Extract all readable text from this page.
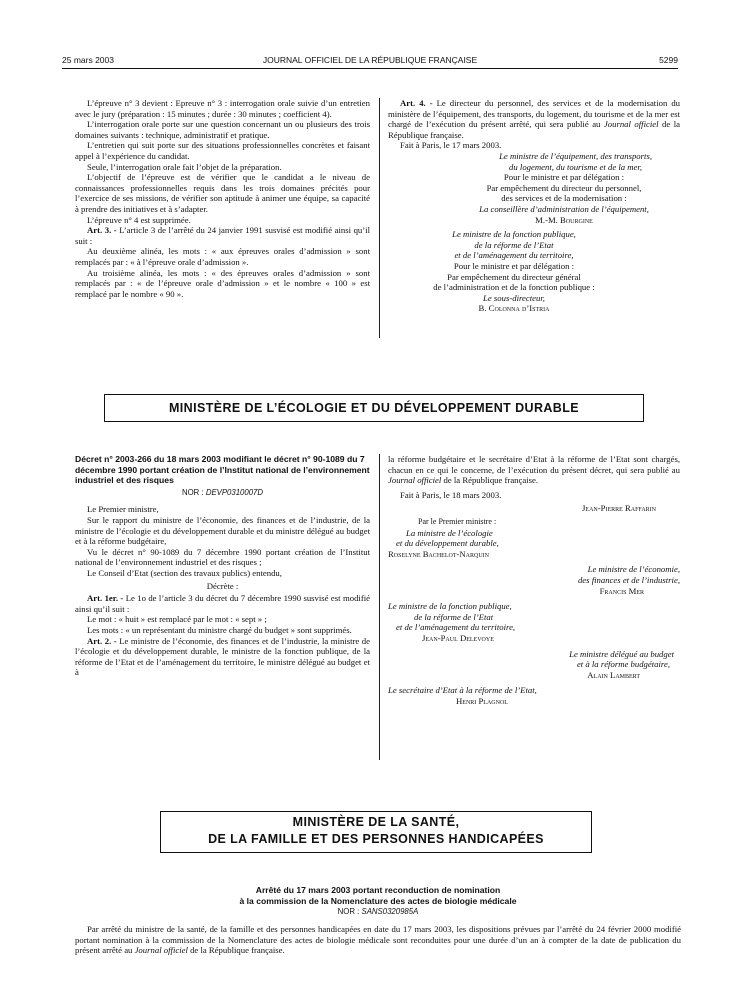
25 mars 2003	JOURNAL OFFICIEL DE LA RÉPUBLIQUE FRANÇAISE	5299

L’épreuve n° 3 devient : Epreuve n° 3 : interrogation orale suivie d’un entretien avec le jury (préparation : 15 minutes ; durée : 30 minutes ; coefficient 4).

L’interrogation orale porte sur une question concernant un ou plusieurs des trois domaines suivants : technique, administratif et pratique.

L’entretien qui suit porte sur des situations professionnelles concrètes et faisant appel à l’expérience du candidat.

Seule, l’interrogation orale fait l’objet de la préparation.

L’objectif de l’épreuve est de vérifier que le candidat a le niveau de connaissances professionnelles requis dans les trois domaines précités pour l’exercice de ses missions, de vérifier son aptitude à animer une équipe, sa capacité à prendre des initiatives et à s’adapter.

L’épreuve n° 4 est supprimée.

Art. 3. - L’article 3 de l’arrêté du 24 janvier 1991 susvisé est modifié ainsi qu’il suit :

Au deuxième alinéa, les mots : « aux épreuves orales d’admission » sont remplacés par : « à l’épreuve orale d’admission ».

Au troisième alinéa, les mots : « des épreuves orales d’admission » sont remplacés par : « de l’épreuve orale d’admission » et le nombre « 100 » est remplacé par le nombre « 90 ».

Art. 4. - Le directeur du personnel, des services et de la modernisation du ministère de l’équipement, des transports, du logement, du tourisme et de la mer est chargé de l’exécution du présent arrêté, qui sera publié au Journal officiel de la République française.

Fait à Paris, le 17 mars 2003.

Le ministre de l’équipement, des transports,

du logement, du tourisme et de la mer,

Pour le ministre et par délégation :

Par empêchement du directeur du personnel,

des services et de la modernisation :

La conseillère d’administration de l’équipement,

M.-M. Bourgine

Le ministre de la fonction publique,

de la réforme de l’Etat

et de l’aménagement du territoire,

Pour le ministre et par délégation :

Par empêchement du directeur général

de l’administration et de la fonction publique :

Le sous-directeur,

B. Colonna d’Istria

MINISTÈRE DE L’ÉCOLOGIE ET DU DÉVELOPPEMENT DURABLE

Décret n° 2003-266 du 18 mars 2003 modifiant le décret n° 90-1089 du 7 décembre 1990 portant création de l’Institut national de l’environnement industriel et des risques

NOR : DEVP0310007D

Le Premier ministre,

Sur le rapport du ministre de l’économie, des finances et de l’industrie, de la ministre de l’écologie et du développement durable et du ministre délégué au budget et à la réforme budgétaire,

Vu le décret n° 90-1089 du 7 décembre 1990 portant création de l’Institut national de l’environnement industriel et des risques ;

Le Conseil d’Etat (section des travaux publics) entendu,

Décrète :

Art. 1er. - Le 1o de l’article 3 du décret du 7 décembre 1990 susvisé est modifié ainsi qu’il suit :

Le mot : « huit » est remplacé par le mot : « sept » ;

Les mots : « un représentant du ministre chargé du budget » sont supprimés.

Art. 2. - Le ministre de l’économie, des finances et de l’industrie, la ministre de l’écologie et du développement durable, le ministre de la fonction publique, de la réforme de l’Etat et de l’aménagement du territoire, le ministre délégué au budget et à

la réforme budgétaire et le secrétaire d’Etat à la réforme de l’Etat sont chargés, chacun en ce qui le concerne, de l’exécution du présent décret, qui sera publié au Journal officiel de la République française.

Fait à Paris, le 18 mars 2003.

Jean-Pierre Raffarin

Par le Premier ministre :

La ministre de l’écologie

et du développement durable,

Roselyne Bachelot-Narquin

Le ministre de l’économie,

des finances et de l’industrie,

Francis Mer

Le ministre de la fonction publique,

de la réforme de l’Etat

et de l’aménagement du territoire,

Jean-Paul Delevoye

Le ministre délégué au budget

et à la réforme budgétaire,

Alain Lambert

Le secrétaire d’Etat à la réforme de l’Etat,

Henri Plagnol

MINISTÈRE DE LA SANTÉ,
DE LA FAMILLE ET DES PERSONNES HANDICAPÉES
Arrêté du 17 mars 2003 portant reconduction de nomination
à la commission de la Nomenclature des actes de biologie médicale
NOR : SANS0320985A

Par arrêté du ministre de la santé, de la famille et des personnes handicapées en date du 17 mars 2003, les dispositions prévues par l’arrêté du 24 février 2000 modifié portant nomination à la commission de la Nomenclature des actes de biologie médicale sont reconduites pour une durée d’un an à compter de la date de publication du présent arrêté au Journal officiel de la République française.
